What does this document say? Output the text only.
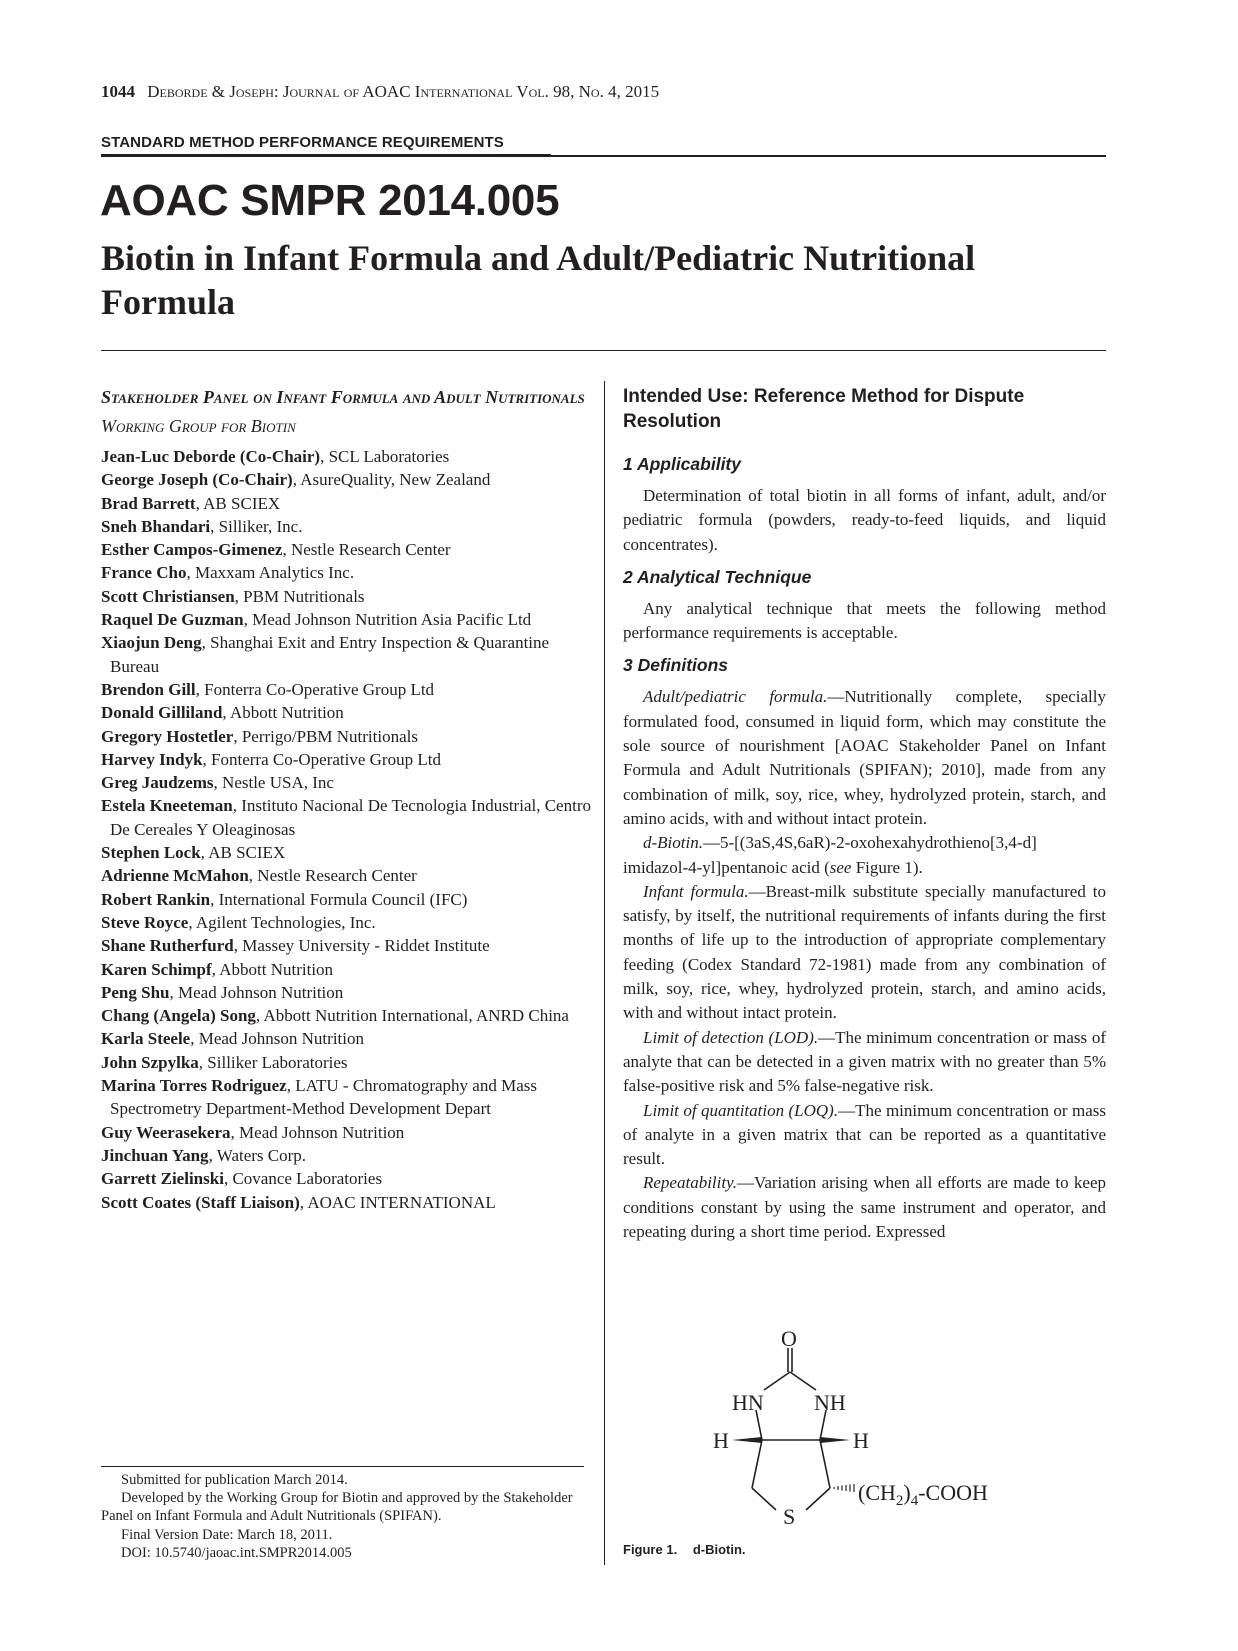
1044 Deborde & Joseph: Journal of AOAC International Vol. 98, No. 4, 2015
STANDARD METHOD PERFORMANCE REQUIREMENTS
AOAC SMPR 2014.005
Biotin in Infant Formula and Adult/Pediatric Nutritional Formula
Stakeholder Panel on Infant Formula and Adult Nutritionals
Working Group for Biotin
Jean-Luc Deborde (Co-Chair), SCL Laboratories
George Joseph (Co-Chair), AsureQuality, New Zealand
Brad Barrett, AB SCIEX
Sneh Bhandari, Silliker, Inc.
Esther Campos-Gimenez, Nestle Research Center
France Cho, Maxxam Analytics Inc.
Scott Christiansen, PBM Nutritionals
Raquel De Guzman, Mead Johnson Nutrition Asia Pacific Ltd
Xiaojun Deng, Shanghai Exit and Entry Inspection & Quarantine Bureau
Brendon Gill, Fonterra Co-Operative Group Ltd
Donald Gilliland, Abbott Nutrition
Gregory Hostetler, Perrigo/PBM Nutritionals
Harvey Indyk, Fonterra Co-Operative Group Ltd
Greg Jaudzems, Nestle USA, Inc
Estela Kneeteman, Instituto Nacional De Tecnologia Industrial, Centro De Cereales Y Oleaginosas
Stephen Lock, AB SCIEX
Adrienne McMahon, Nestle Research Center
Robert Rankin, International Formula Council (IFC)
Steve Royce, Agilent Technologies, Inc.
Shane Rutherfurd, Massey University - Riddet Institute
Karen Schimpf, Abbott Nutrition
Peng Shu, Mead Johnson Nutrition
Chang (Angela) Song, Abbott Nutrition International, ANRD China
Karla Steele, Mead Johnson Nutrition
John Szpylka, Silliker Laboratories
Marina Torres Rodriguez, LATU - Chromatography and Mass Spectrometry Department-Method Development Depart
Guy Weerasekera, Mead Johnson Nutrition
Jinchuan Yang, Waters Corp.
Garrett Zielinski, Covance Laboratories
Scott Coates (Staff Liaison), AOAC INTERNATIONAL
Submitted for publication March 2014.
Developed by the Working Group for Biotin and approved by the Stakeholder Panel on Infant Formula and Adult Nutritionals (SPIFAN).
Final Version Date: March 18, 2011.
DOI: 10.5740/jaoac.int.SMPR2014.005
Intended Use: Reference Method for Dispute Resolution
1 Applicability

Determination of total biotin in all forms of infant, adult, and/or pediatric formula (powders, ready-to-feed liquids, and liquid concentrates).

2 Analytical Technique

Any analytical technique that meets the following method performance requirements is acceptable.

3 Definitions

Adult/pediatric formula.—Nutritionally complete, specially formulated food, consumed in liquid form, which may constitute the sole source of nourishment [AOAC Stakeholder Panel on Infant Formula and Adult Nutritionals (SPIFAN); 2010], made from any combination of milk, soy, rice, whey, hydrolyzed protein, starch, and amino acids, with and without intact protein.

d-Biotin.—5-[(3aS,4S,6aR)-2-oxohexahydrothieno[3,4-d] imidazol-4-yl]pentanoic acid (see Figure 1).

Infant formula.—Breast-milk substitute specially manufactured to satisfy, by itself, the nutritional requirements of infants during the first months of life up to the introduction of appropriate complementary feeding (Codex Standard 72-1981) made from any combination of milk, soy, rice, whey, hydrolyzed protein, starch, and amino acids, with and without intact protein.

Limit of detection (LOD).—The minimum concentration or mass of analyte that can be detected in a given matrix with no greater than 5% false-positive risk and 5% false-negative risk.

Limit of quantitation (LOQ).—The minimum concentration or mass of analyte in a given matrix that can be reported as a quantitative result.

Repeatability.—Variation arising when all efforts are made to keep conditions constant by using the same instrument and operator, and repeating during a short time period. Expressed

O
HN NH
H	H
S
$(CH_2)_4$-COOH
Figure 1. d-Biotin.
